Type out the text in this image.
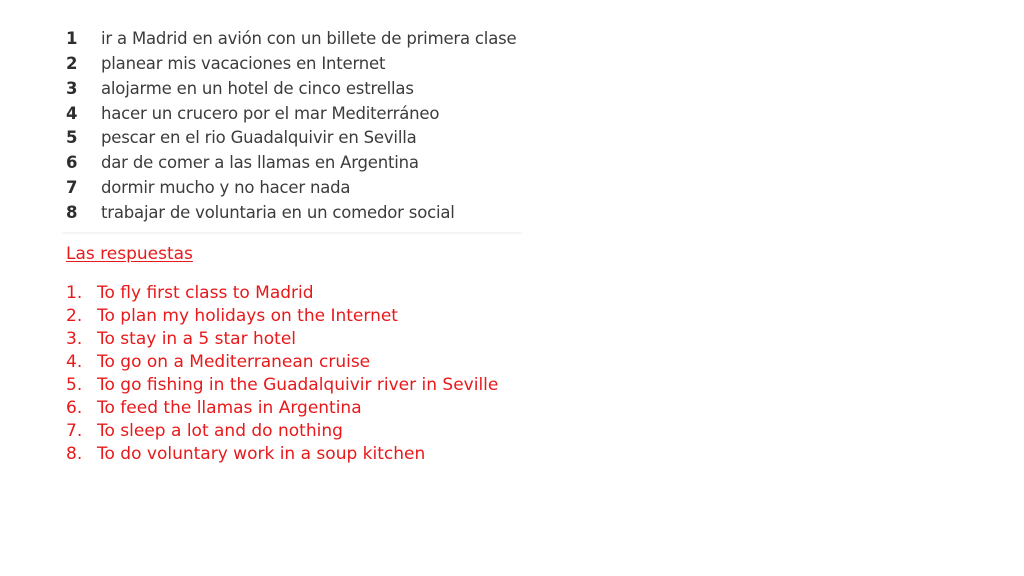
1	ir a Madrid en avión con un billete de primera clase
2	planear mis vacaciones en Internet
3	alojarme en un hotel de cinco estrellas
4	hacer un crucero por el mar Mediterráneo
5	pescar en el rio Guadalquivir en Sevilla
6	dar de comer a las llamas en Argentina
7	dormir mucho y no hacer nada
8	trabajar de voluntaria en un comedor social
Las respuestas
1. To fly first class to Madrid
2. To plan my holidays on the Internet
3. To stay in a 5 star hotel
4. To go on a Mediterranean cruise
5. To go fishing in the Guadalquivir river in Seville
6. To feed the llamas in Argentina
7. To sleep a lot and do nothing
8. To do voluntary work in a soup kitchen
